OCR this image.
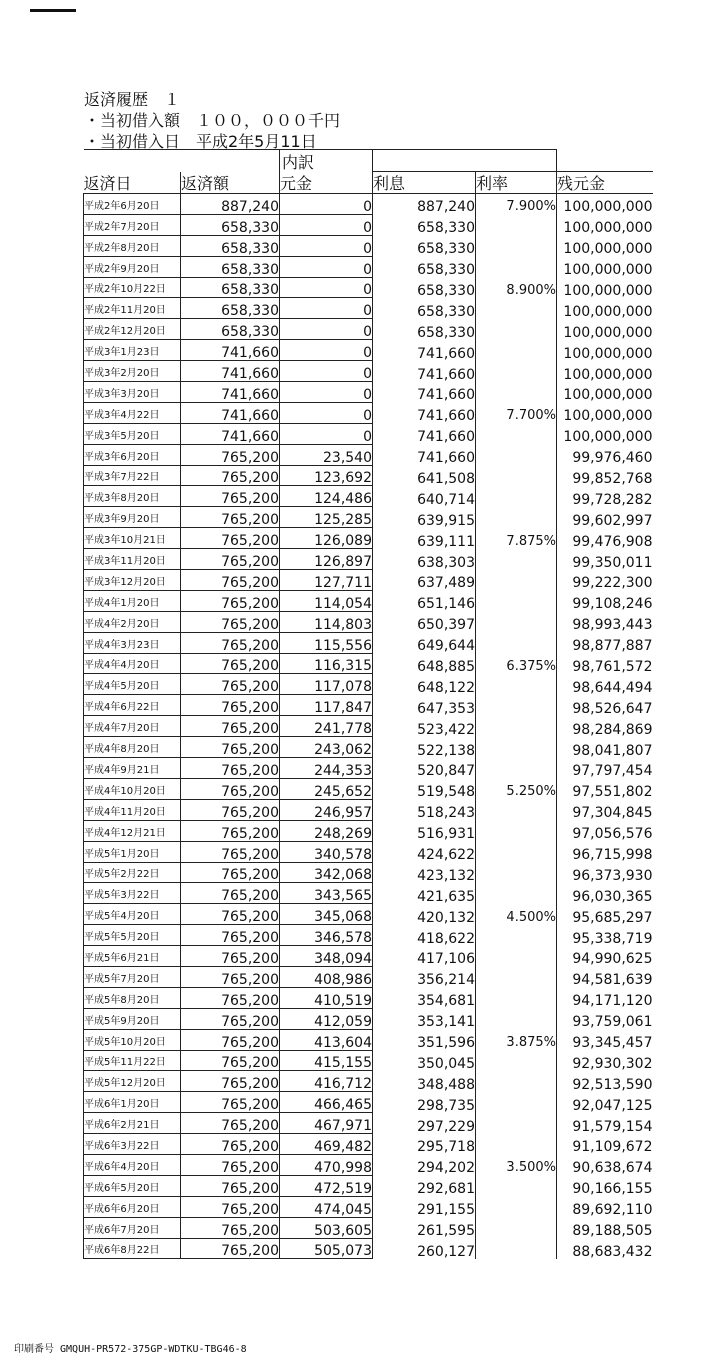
返済履歴　１
・当初借入額　１００，０００千円
・当初借入日　平成2年5月11日
		内訳			
返済日	返済額	元金	利息	利率	残元金
平成2年6月20日	887,240	0	887,240	7.900%	100,000,000
平成2年7月20日	658,330	0	658,330		100,000,000
平成2年8月20日	658,330	0	658,330		100,000,000
平成2年9月20日	658,330	0	658,330		100,000,000
平成2年10月22日	658,330	0	658,330	8.900%	100,000,000
平成2年11月20日	658,330	0	658,330		100,000,000
平成2年12月20日	658,330	0	658,330		100,000,000
平成3年1月23日	741,660	0	741,660		100,000,000
平成3年2月20日	741,660	0	741,660		100,000,000
平成3年3月20日	741,660	0	741,660		100,000,000
平成3年4月22日	741,660	0	741,660	7.700%	100,000,000
平成3年5月20日	741,660	0	741,660		100,000,000
平成3年6月20日	765,200	23,540	741,660		99,976,460
平成3年7月22日	765,200	123,692	641,508		99,852,768
平成3年8月20日	765,200	124,486	640,714		99,728,282
平成3年9月20日	765,200	125,285	639,915		99,602,997
平成3年10月21日	765,200	126,089	639,111	7.875%	99,476,908
平成3年11月20日	765,200	126,897	638,303		99,350,011
平成3年12月20日	765,200	127,711	637,489		99,222,300
平成4年1月20日	765,200	114,054	651,146		99,108,246
平成4年2月20日	765,200	114,803	650,397		98,993,443
平成4年3月23日	765,200	115,556	649,644		98,877,887
平成4年4月20日	765,200	116,315	648,885	6.375%	98,761,572
平成4年5月20日	765,200	117,078	648,122		98,644,494
平成4年6月22日	765,200	117,847	647,353		98,526,647
平成4年7月20日	765,200	241,778	523,422		98,284,869
平成4年8月20日	765,200	243,062	522,138		98,041,807
平成4年9月21日	765,200	244,353	520,847		97,797,454
平成4年10月20日	765,200	245,652	519,548	5.250%	97,551,802
平成4年11月20日	765,200	246,957	518,243		97,304,845
平成4年12月21日	765,200	248,269	516,931		97,056,576
平成5年1月20日	765,200	340,578	424,622		96,715,998
平成5年2月22日	765,200	342,068	423,132		96,373,930
平成5年3月22日	765,200	343,565	421,635		96,030,365
平成5年4月20日	765,200	345,068	420,132	4.500%	95,685,297
平成5年5月20日	765,200	346,578	418,622		95,338,719
平成5年6月21日	765,200	348,094	417,106		94,990,625
平成5年7月20日	765,200	408,986	356,214		94,581,639
平成5年8月20日	765,200	410,519	354,681		94,171,120
平成5年9月20日	765,200	412,059	353,141		93,759,061
平成5年10月20日	765,200	413,604	351,596	3.875%	93,345,457
平成5年11月22日	765,200	415,155	350,045		92,930,302
平成5年12月20日	765,200	416,712	348,488		92,513,590
平成6年1月20日	765,200	466,465	298,735		92,047,125
平成6年2月21日	765,200	467,971	297,229		91,579,154
平成6年3月22日	765,200	469,482	295,718		91,109,672
平成6年4月20日	765,200	470,998	294,202	3.500%	90,638,674
平成6年5月20日	765,200	472,519	292,681		90,166,155
平成6年6月20日	765,200	474,045	291,155		89,692,110
平成6年7月20日	765,200	503,605	261,595		89,188,505
平成6年8月22日	765,200	505,073	260,127		88,683,432
印刷番号 GMQUH-PR572-375GP-WDTKU-TBG46-8
